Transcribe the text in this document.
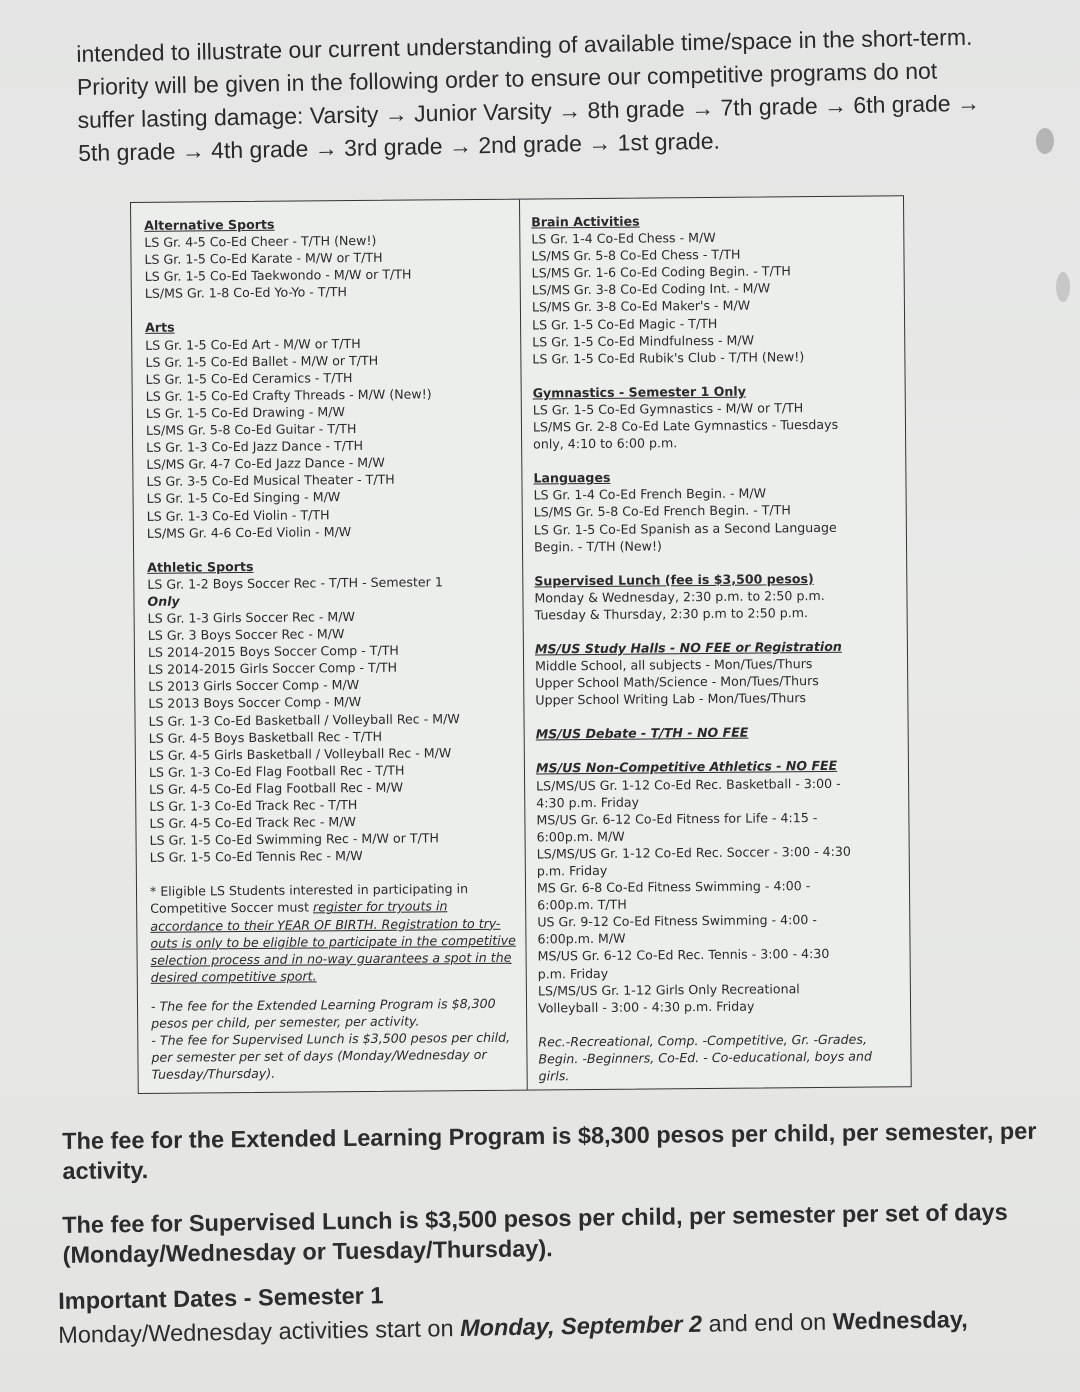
intended to illustrate our current understanding of available time/space in the short-term.

Priority will be given in the following order to ensure our competitive programs do not

suffer lasting damage: Varsity → Junior Varsity → 8th grade → 7th grade → 6th grade →

5th grade → 4th grade → 3rd grade → 2nd grade → 1st grade.

Alternative Sports
LS Gr. 4-5 Co-Ed Cheer - T/TH (New!)
LS Gr. 1-5 Co-Ed Karate - M/W or T/TH
LS Gr. 1-5 Co-Ed Taekwondo - M/W or T/TH
LS/MS Gr. 1-8 Co-Ed Yo-Yo - T/TH
Arts
LS Gr. 1-5 Co-Ed Art - M/W or T/TH
LS Gr. 1-5 Co-Ed Ballet - M/W or T/TH
LS Gr. 1-5 Co-Ed Ceramics - T/TH
LS Gr. 1-5 Co-Ed Crafty Threads - M/W (New!)
LS Gr. 1-5 Co-Ed Drawing - M/W
LS/MS Gr. 5-8 Co-Ed Guitar - T/TH
LS Gr. 1-3 Co-Ed Jazz Dance - T/TH
LS/MS Gr. 4-7 Co-Ed Jazz Dance - M/W
LS Gr. 3-5 Co-Ed Musical Theater - T/TH
LS Gr. 1-5 Co-Ed Singing - M/W
LS Gr. 1-3 Co-Ed Violin - T/TH
LS/MS Gr. 4-6 Co-Ed Violin - M/W
Athletic Sports
LS Gr. 1-2 Boys Soccer Rec - T/TH - Semester 1
Only
LS Gr. 1-3 Girls Soccer Rec - M/W
LS Gr. 3 Boys Soccer Rec - M/W
LS 2014-2015 Boys Soccer Comp - T/TH
LS 2014-2015 Girls Soccer Comp - T/TH
LS 2013 Girls Soccer Comp - M/W
LS 2013 Boys Soccer Comp - M/W
LS Gr. 1-3 Co-Ed Basketball / Volleyball Rec - M/W
LS Gr. 4-5 Boys Basketball Rec - T/TH
LS Gr. 4-5 Girls Basketball / Volleyball Rec - M/W
LS Gr. 1-3 Co-Ed Flag Football Rec - T/TH
LS Gr. 4-5 Co-Ed Flag Football Rec - M/W
LS Gr. 1-3 Co-Ed Track Rec - T/TH
LS Gr. 4-5 Co-Ed Track Rec - M/W
LS Gr. 1-5 Co-Ed Swimming Rec - M/W or T/TH
LS Gr. 1-5 Co-Ed Tennis Rec - M/W
* Eligible LS Students interested in participating in Competitive Soccer must register for tryouts in accordance to their YEAR OF BIRTH. Registration to try-outs is only to be eligible to participate in the competitive selection process and in no-way guarantees a spot in the desired competitive sport.
- The fee for the Extended Learning Program is $8,300 pesos per child, per semester, per activity.
- The fee for Supervised Lunch is $3,500 pesos per child, per semester per set of days (Monday/Wednesday or Tuesday/Thursday).
Brain Activities
LS Gr. 1-4 Co-Ed Chess - M/W
LS/MS Gr. 5-8 Co-Ed Chess - T/TH
LS/MS Gr. 1-6 Co-Ed Coding Begin. - T/TH
LS/MS Gr. 3-8 Co-Ed Coding Int. - M/W
LS/MS Gr. 3-8 Co-Ed Maker's - M/W
LS Gr. 1-5 Co-Ed Magic - T/TH
LS Gr. 1-5 Co-Ed Mindfulness - M/W
LS Gr. 1-5 Co-Ed Rubik's Club - T/TH (New!)
Gymnastics - Semester 1 Only
LS Gr. 1-5 Co-Ed Gymnastics - M/W or T/TH
LS/MS Gr. 2-8 Co-Ed Late Gymnastics - Tuesdays
only, 4:10 to 6:00 p.m.
Languages
LS Gr. 1-4 Co-Ed French Begin. - M/W
LS/MS Gr. 5-8 Co-Ed French Begin. - T/TH
LS Gr. 1-5 Co-Ed Spanish as a Second Language
Begin. - T/TH (New!)
Supervised Lunch (fee is $3,500 pesos)
Monday & Wednesday, 2:30 p.m. to 2:50 p.m.
Tuesday & Thursday, 2:30 p.m to 2:50 p.m.
MS/US Study Halls - NO FEE or Registration
Middle School, all subjects - Mon/Tues/Thurs
Upper School Math/Science - Mon/Tues/Thurs
Upper School Writing Lab - Mon/Tues/Thurs
MS/US Debate - T/TH - NO FEE
MS/US Non-Competitive Athletics - NO FEE
LS/MS/US Gr. 1-12 Co-Ed Rec. Basketball - 3:00 -
4:30 p.m. Friday
MS/US Gr. 6-12 Co-Ed Fitness for Life - 4:15 -
6:00p.m. M/W
LS/MS/US Gr. 1-12 Co-Ed Rec. Soccer - 3:00 - 4:30
p.m. Friday
MS Gr. 6-8 Co-Ed Fitness Swimming - 4:00 -
6:00p.m. T/TH
US Gr. 9-12 Co-Ed Fitness Swimming - 4:00 -
6:00p.m. M/W
MS/US Gr. 6-12 Co-Ed Rec. Tennis - 3:00 - 4:30
p.m. Friday
LS/MS/US Gr. 1-12 Girls Only Recreational
Volleyball - 3:00 - 4:30 p.m. Friday
Rec.-Recreational, Comp. -Competitive, Gr. -Grades, Begin. -Beginners, Co-Ed. - Co-educational, boys and girls.
The fee for the Extended Learning Program is $8,300 pesos per child, per semester, per activity.
The fee for Supervised Lunch is $3,500 pesos per child, per semester per set of days (Monday/Wednesday or Tuesday/Thursday).
Important Dates - Semester 1
Monday/Wednesday activities start on Monday, September 2 and end on Wednesday,
